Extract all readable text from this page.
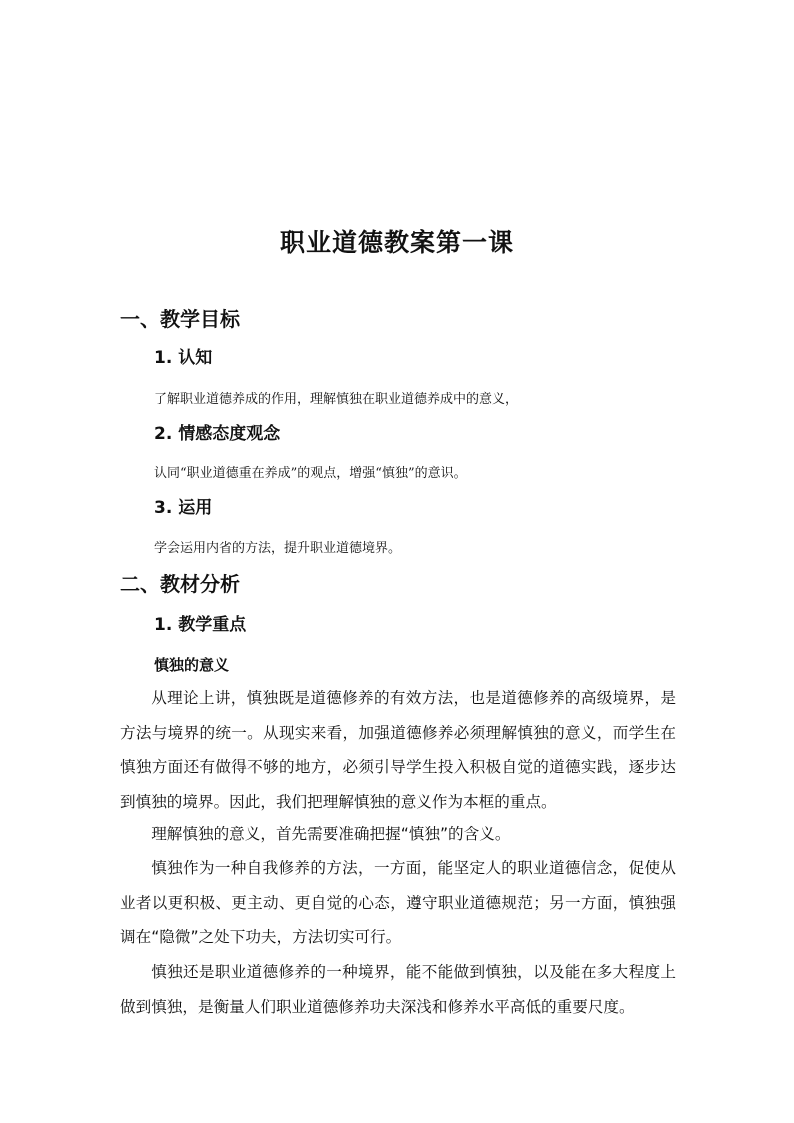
职业道德教案第一课
一、教学目标
1. 认知
了解职业道德养成的作用，理解慎独在职业道德养成中的意义，
2. 情感态度观念
认同“职业道德重在养成”的观点，增强“慎独”的意识。
3. 运用
学会运用内省的方法，提升职业道德境界。
二、教材分析
1. 教学重点
慎独的意义

从理论上讲，慎独既是道德修养的有效方法，也是道德修养的高级境界，是方法与境界的统一。从现实来看，加强道德修养必须理解慎独的意义，而学生在慎独方面还有做得不够的地方，必须引导学生投入积极自觉的道德实践，逐步达到慎独的境界。因此，我们把理解慎独的意义作为本框的重点。

理解慎独的意义，首先需要准确把握“慎独”的含义。

慎独作为一种自我修养的方法，一方面，能坚定人的职业道德信念，促使从业者以更积极、更主动、更自觉的心态，遵守职业道德规范；另一方面，慎独强调在“隐微”之处下功夫，方法切实可行。

慎独还是职业道德修养的一种境界，能不能做到慎独，以及能在多大程度上做到慎独，是衡量人们职业道德修养功夫深浅和修养水平高低的重要尺度。
